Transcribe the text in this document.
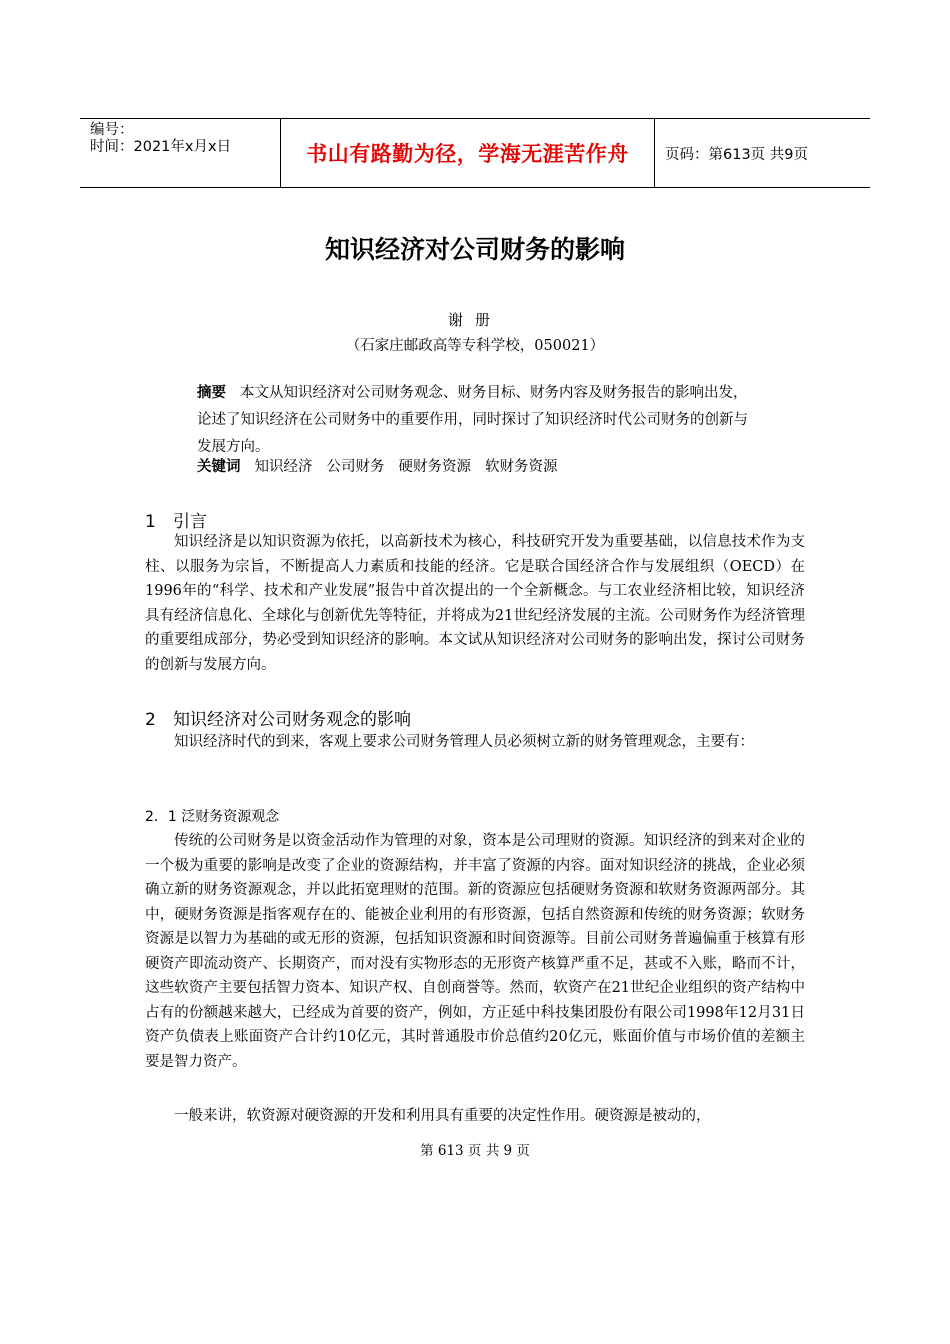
编号：
时间：2021年x月x日	书山有路勤为径，学海无涯苦作舟	页码：第613页 共9页
知识经济对公司财务的影响
谢册
（石家庄邮政高等专科学校，050021）
摘要 本文从知识经济对公司财务观念、财务目标、财务内容及财务报告的影响出发，论述了知识经济在公司财务中的重要作用，同时探讨了知识经济时代公司财务的创新与发展方向。
关键词 知识经济 公司财务 硬财务资源 软财务资源
1 引言

知识经济是以知识资源为依托，以高新技术为核心，科技研究开发为重要基础，以信息技术作为支柱、以服务为宗旨，不断提高人力素质和技能的经济。它是联合国经济合作与发展组织（OECD）在1996年的“科学、技术和产业发展”报告中首次提出的一个全新概念。与工农业经济相比较，知识经济具有经济信息化、全球化与创新优先等特征，并将成为21世纪经济发展的主流。公司财务作为经济管理的重要组成部分，势必受到知识经济的影响。本文试从知识经济对公司财务的影响出发，探讨公司财务的创新与发展方向。

2 知识经济对公司财务观念的影响

知识经济时代的到来，客观上要求公司财务管理人员必须树立新的财务管理观念，主要有：

2．1 泛财务资源观念

传统的公司财务是以资金活动作为管理的对象，资本是公司理财的资源。知识经济的到来对企业的一个极为重要的影响是改变了企业的资源结构，并丰富了资源的内容。面对知识经济的挑战，企业必须确立新的财务资源观念，并以此拓宽理财的范围。新的资源应包括硬财务资源和软财务资源两部分。其中，硬财务资源是指客观存在的、能被企业利用的有形资源，包括自然资源和传统的财务资源；软财务资源是以智力为基础的或无形的资源，包括知识资源和时间资源等。目前公司财务普遍偏重于核算有形硬资产即流动资产、长期资产，而对没有实物形态的无形资产核算严重不足，甚或不入账，略而不计，这些软资产主要包括智力资本、知识产权、自创商誉等。然而，软资产在21世纪企业组织的资产结构中占有的份额越来越大，已经成为首要的资产，例如，方正延中科技集团股份有限公司1998年12月31日资产负债表上账面资产合计约10亿元，其时普通股市价总值约20亿元，账面价值与市场价值的差额主要是智力资产。

一般来讲，软资源对硬资源的开发和利用具有重要的决定性作用。硬资源是被动的，

第 613 页 共 9 页
